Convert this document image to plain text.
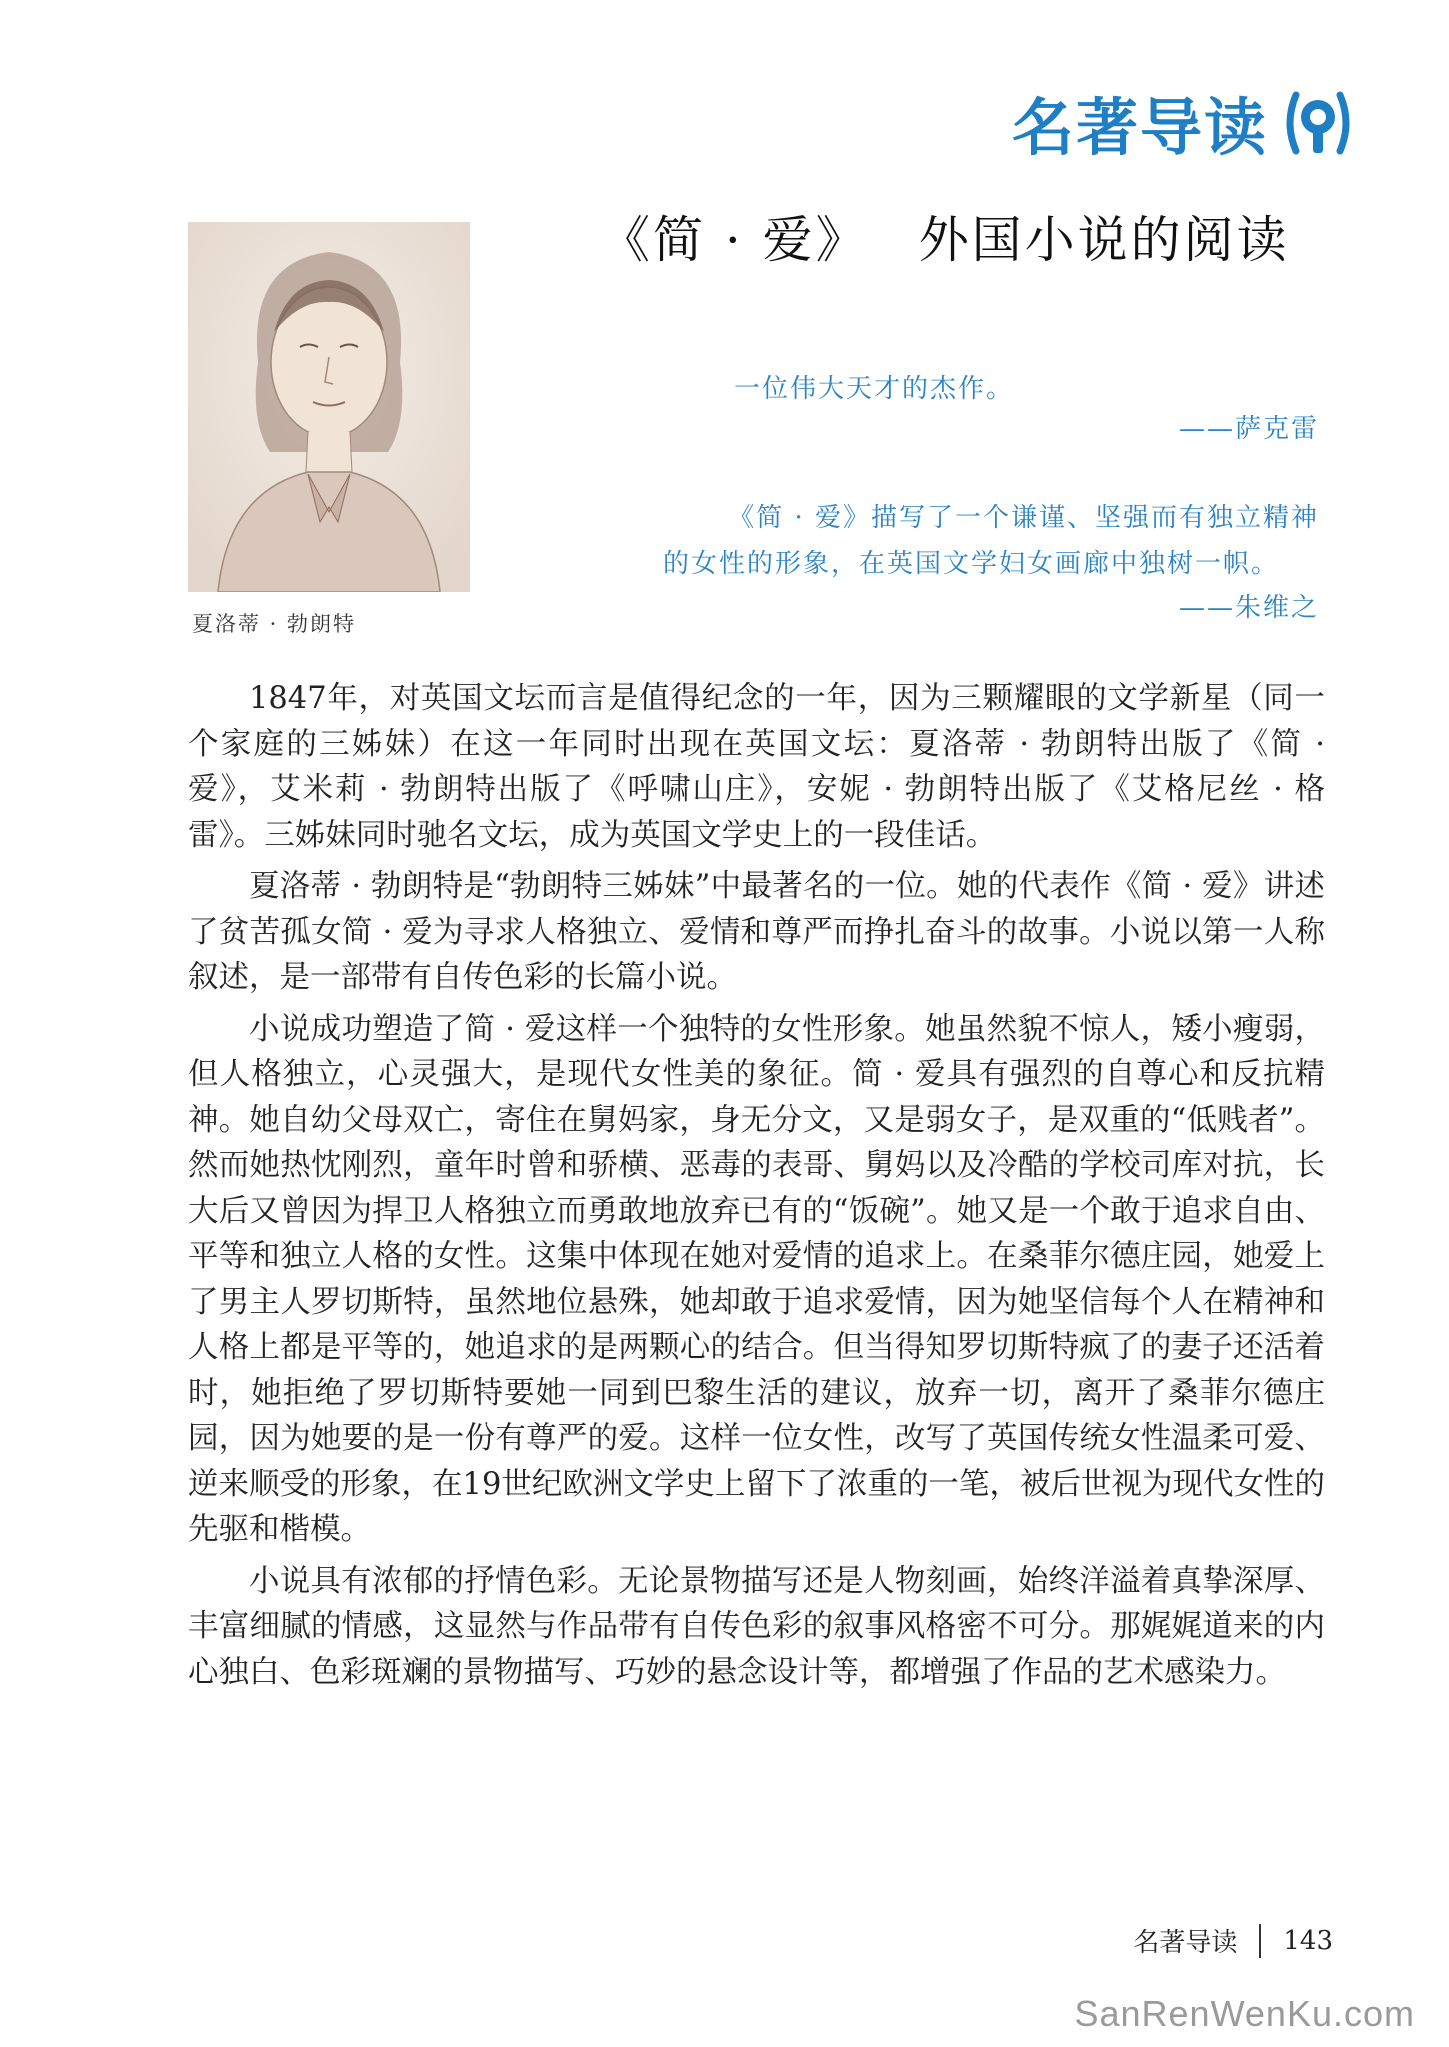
名著导读
夏洛蒂 · 勃朗特
《简 · 爱》 外国小说的阅读
一位伟大天才的杰作。
——萨克雷
《简 · 爱》描写了一个谦谨、坚强而有独立精神
的女性的形象，在英国文学妇女画廊中独树一帜。
——朱维之

1847年，对英国文坛而言是值得纪念的一年，因为三颗耀眼的文学新星（同一个家庭的三姊妹）在这一年同时出现在英国文坛：夏洛蒂 · 勃朗特出版了《简 · 爱》，艾米莉 · 勃朗特出版了《呼啸山庄》，安妮 · 勃朗特出版了《艾格尼丝 · 格雷》。三姊妹同时驰名文坛，成为英国文学史上的一段佳话。

夏洛蒂 · 勃朗特是“勃朗特三姊妹”中最著名的一位。她的代表作《简 · 爱》讲述了贫苦孤女简 · 爱为寻求人格独立、爱情和尊严而挣扎奋斗的故事。小说以第一人称叙述，是一部带有自传色彩的长篇小说。

小说成功塑造了简 · 爱这样一个独特的女性形象。她虽然貌不惊人，矮小瘦弱，但人格独立，心灵强大，是现代女性美的象征。简 · 爱具有强烈的自尊心和反抗精神。她自幼父母双亡，寄住在舅妈家，身无分文，又是弱女子，是双重的“低贱者”。然而她热忱刚烈，童年时曾和骄横、恶毒的表哥、舅妈以及冷酷的学校司库对抗，长大后又曾因为捍卫人格独立而勇敢地放弃已有的“饭碗”。她又是一个敢于追求自由、平等和独立人格的女性。这集中体现在她对爱情的追求上。在桑菲尔德庄园，她爱上了男主人罗切斯特，虽然地位悬殊，她却敢于追求爱情，因为她坚信每个人在精神和人格上都是平等的，她追求的是两颗心的结合。但当得知罗切斯特疯了的妻子还活着时，她拒绝了罗切斯特要她一同到巴黎生活的建议，放弃一切，离开了桑菲尔德庄园，因为她要的是一份有尊严的爱。这样一位女性，改写了英国传统女性温柔可爱、逆来顺受的形象，在19世纪欧洲文学史上留下了浓重的一笔，被后世视为现代女性的先驱和楷模。

小说具有浓郁的抒情色彩。无论景物描写还是人物刻画，始终洋溢着真挚深厚、丰富细腻的情感，这显然与作品带有自传色彩的叙事风格密不可分。那娓娓道来的内心独白、色彩斑斓的景物描写、巧妙的悬念设计等，都增强了作品的艺术感染力。

名著导读 143
SanRenWenKu.com
